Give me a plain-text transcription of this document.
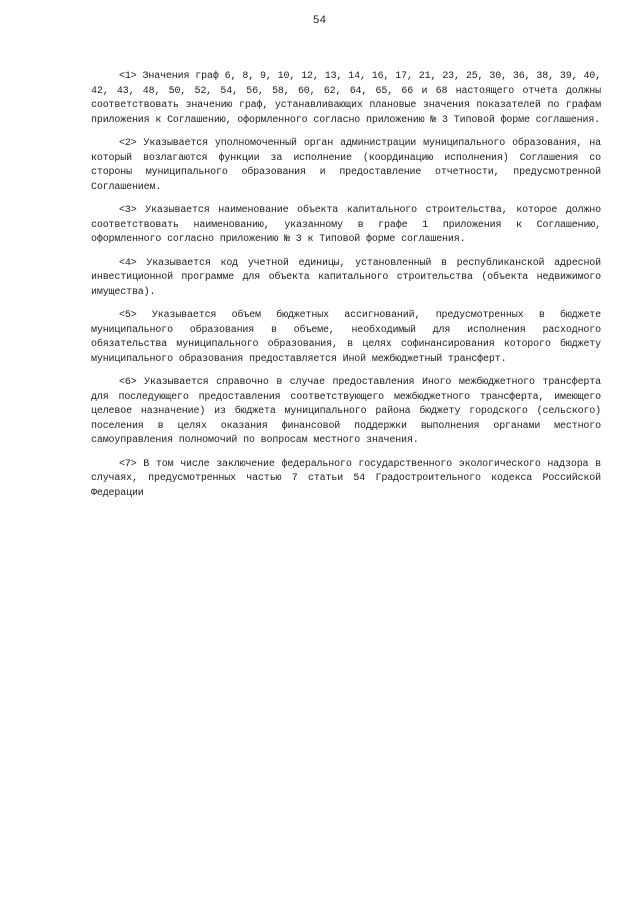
54

<1> Значения граф 6, 8, 9, 10, 12, 13, 14, 16, 17, 21, 23, 25, 30, 36, 38, 39, 40, 42, 43, 48, 50, 52, 54, 56, 58, 60, 62, 64, 65, 66 и 68 настоящего отчета должны соответствовать значению граф, устанавливающих плановые значения показателей по графам приложения к Соглашению, оформленного согласно приложению № 3 Типовой форме соглашения.

<2> Указывается уполномоченный орган администрации муниципального образования, на который возлагаются функции за исполнение (координацию исполнения) Соглашения со стороны муниципального образования и предоставление отчетности, предусмотренной Соглашением.

<3> Указывается наименование объекта капитального строительства, которое должно соответствовать наименованию, указанному в графе 1 приложения к Соглашению, оформленного согласно приложению № 3 к Типовой форме соглашения.

<4> Указывается код учетной единицы, установленный в республиканской адресной инвестиционной программе для объекта капитального строительства (объекта недвижимого имущества).

<5> Указывается объем бюджетных ассигнований, предусмотренных в бюджете муниципального образования в объеме, необходимый для исполнения расходного обязательства муниципального образования, в целях софинансирования которого бюджету муниципального образования предоставляется Иной межбюджетный трансферт.

<6> Указывается справочно в случае предоставления Иного межбюджетного трансферта для последующего предоставления соответствующего межбюджетного трансферта, имеющего целевое назначение) из бюджета муниципального района бюджету городского (сельского) поселения в целях оказания финансовой поддержки выполнения органами местного самоуправления полномочий по вопросам местного значения.

<7> В том числе заключение федерального государственного экологического надзора в случаях, предусмотренных частью 7 статьи 54 Градостроительного кодекса Российской Федерации
